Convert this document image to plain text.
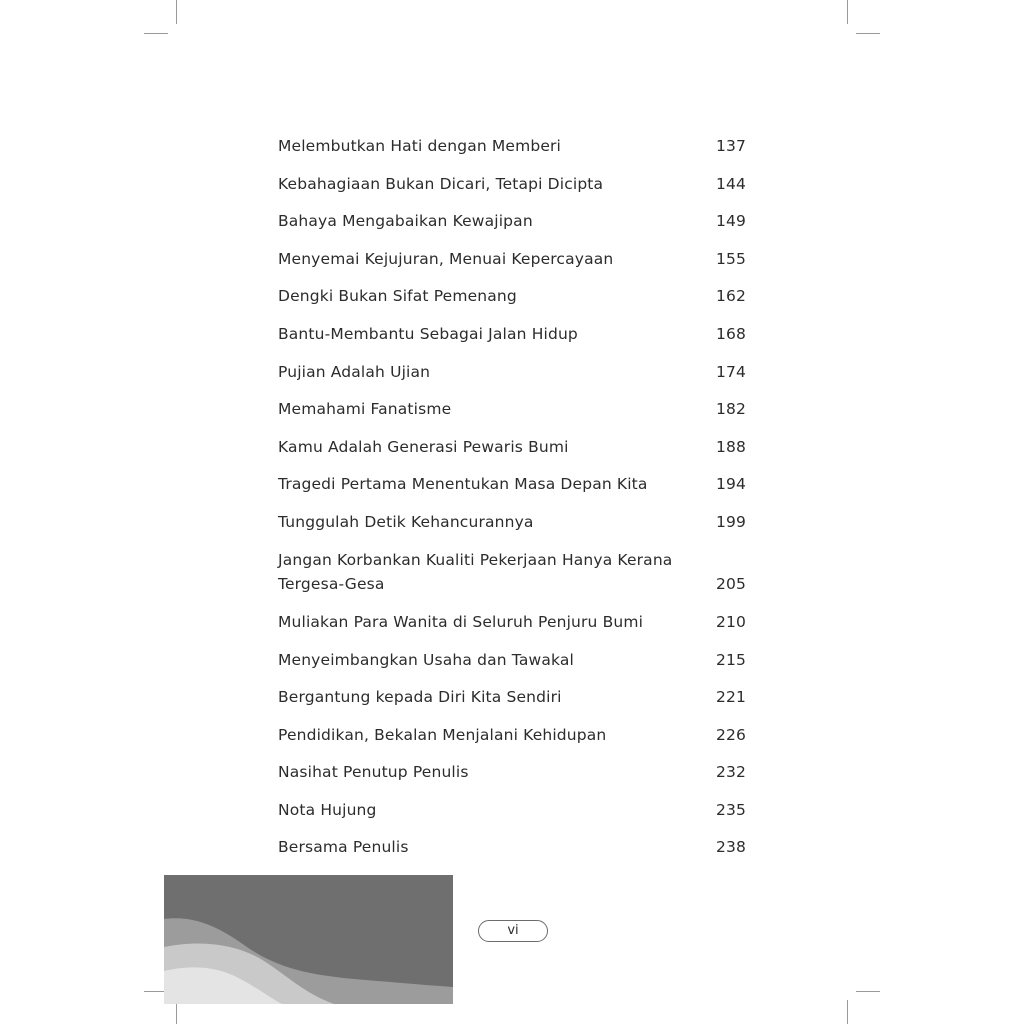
Melembutkan Hati dengan Memberi	137
Kebahagiaan Bukan Dicari, Tetapi Dicipta	144
Bahaya Mengabaikan Kewajipan	149
Menyemai Kejujuran, Menuai Kepercayaan	155
Dengki Bukan Sifat Pemenang	162
Bantu-Membantu Sebagai Jalan Hidup	168
Pujian Adalah Ujian	174
Memahami Fanatisme	182
Kamu Adalah Generasi Pewaris Bumi	188
Tragedi Pertama Menentukan Masa Depan Kita	194
Tunggulah Detik Kehancurannya	199
Jangan Korbankan Kualiti Pekerjaan Hanya Kerana Tergesa-Gesa	205
Muliakan Para Wanita di Seluruh Penjuru Bumi	210
Menyeimbangkan Usaha dan Tawakal	215
Bergantung kepada Diri Kita Sendiri	221
Pendidikan, Bekalan Menjalani Kehidupan	226
Nasihat Penutup Penulis	232
Nota Hujung	235
Bersama Penulis	238
vi
